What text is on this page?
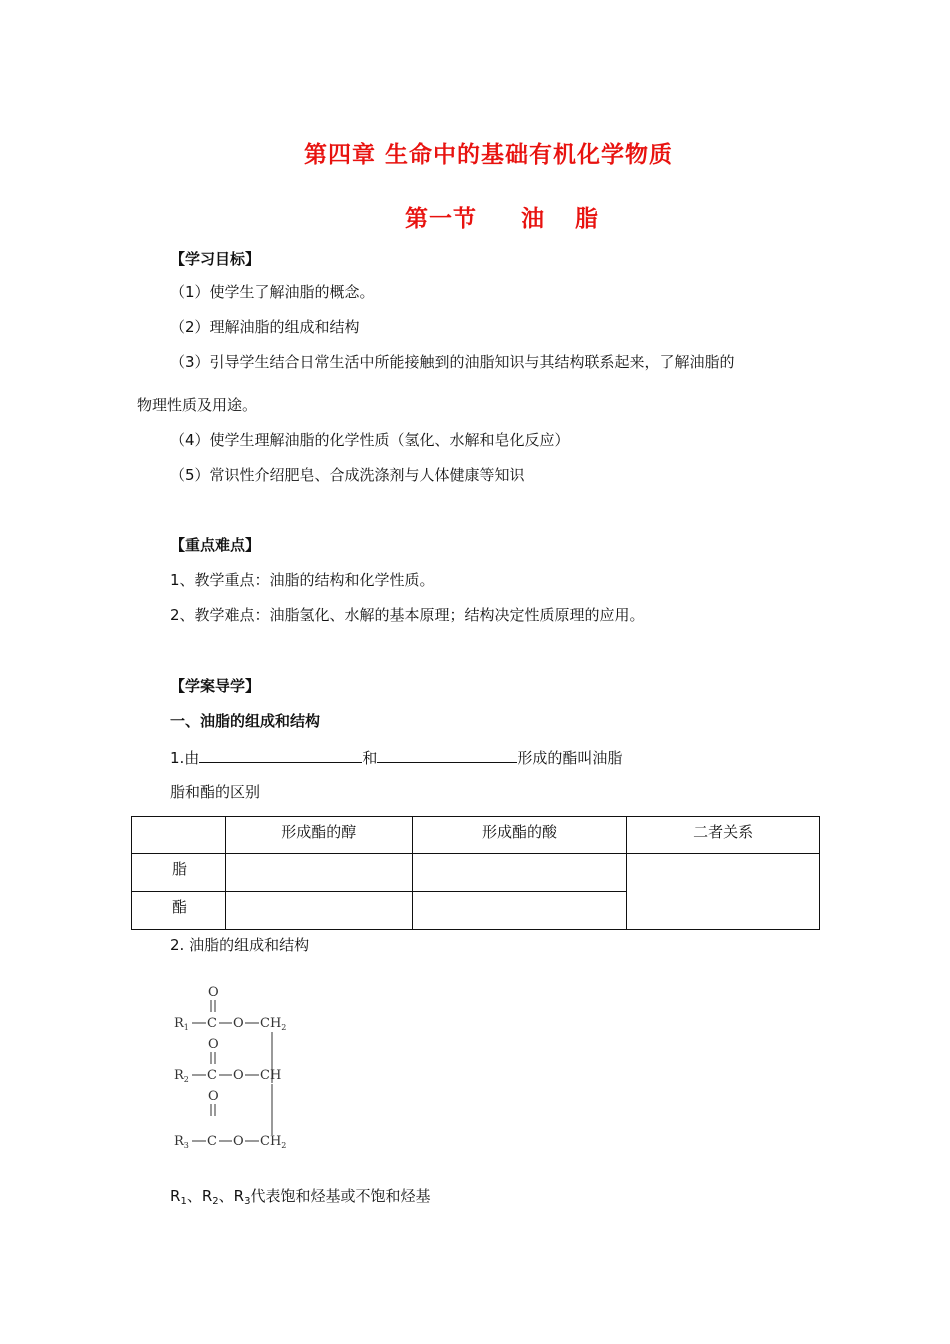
第四章 生命中的基础有机化学物质
第一节 油　脂
【学习目标】
（1）使学生了解油脂的概念。
（2）理解油脂的组成和结构
（3）引导学生结合日常生活中所能接触到的油脂知识与其结构联系起来，了解油脂的
物理性质及用途。
（4）使学生理解油脂的化学性质（氢化、水解和皂化反应）
（5）常识性介绍肥皂、合成洗涤剂与人体健康等知识
【重点难点】
1、教学重点：油脂的结构和化学性质。
2、教学难点：油脂氢化、水解的基本原理；结构决定性质原理的应用。
【学案导学】
一、油脂的组成和结构
1.由	和	形成的酯叫油脂
脂和酯的区别
	形成酯的醇	形成酯的酸	二者关系
脂			
酯			
2. 油脂的组成和结构
O
$R_1$ C O $CH_2$
O
$R_2$ C O CH
O
$R_3$ C O $CH_2$
$R_1$、$R_2$、$R_3$代表饱和烃基或不饱和烃基
